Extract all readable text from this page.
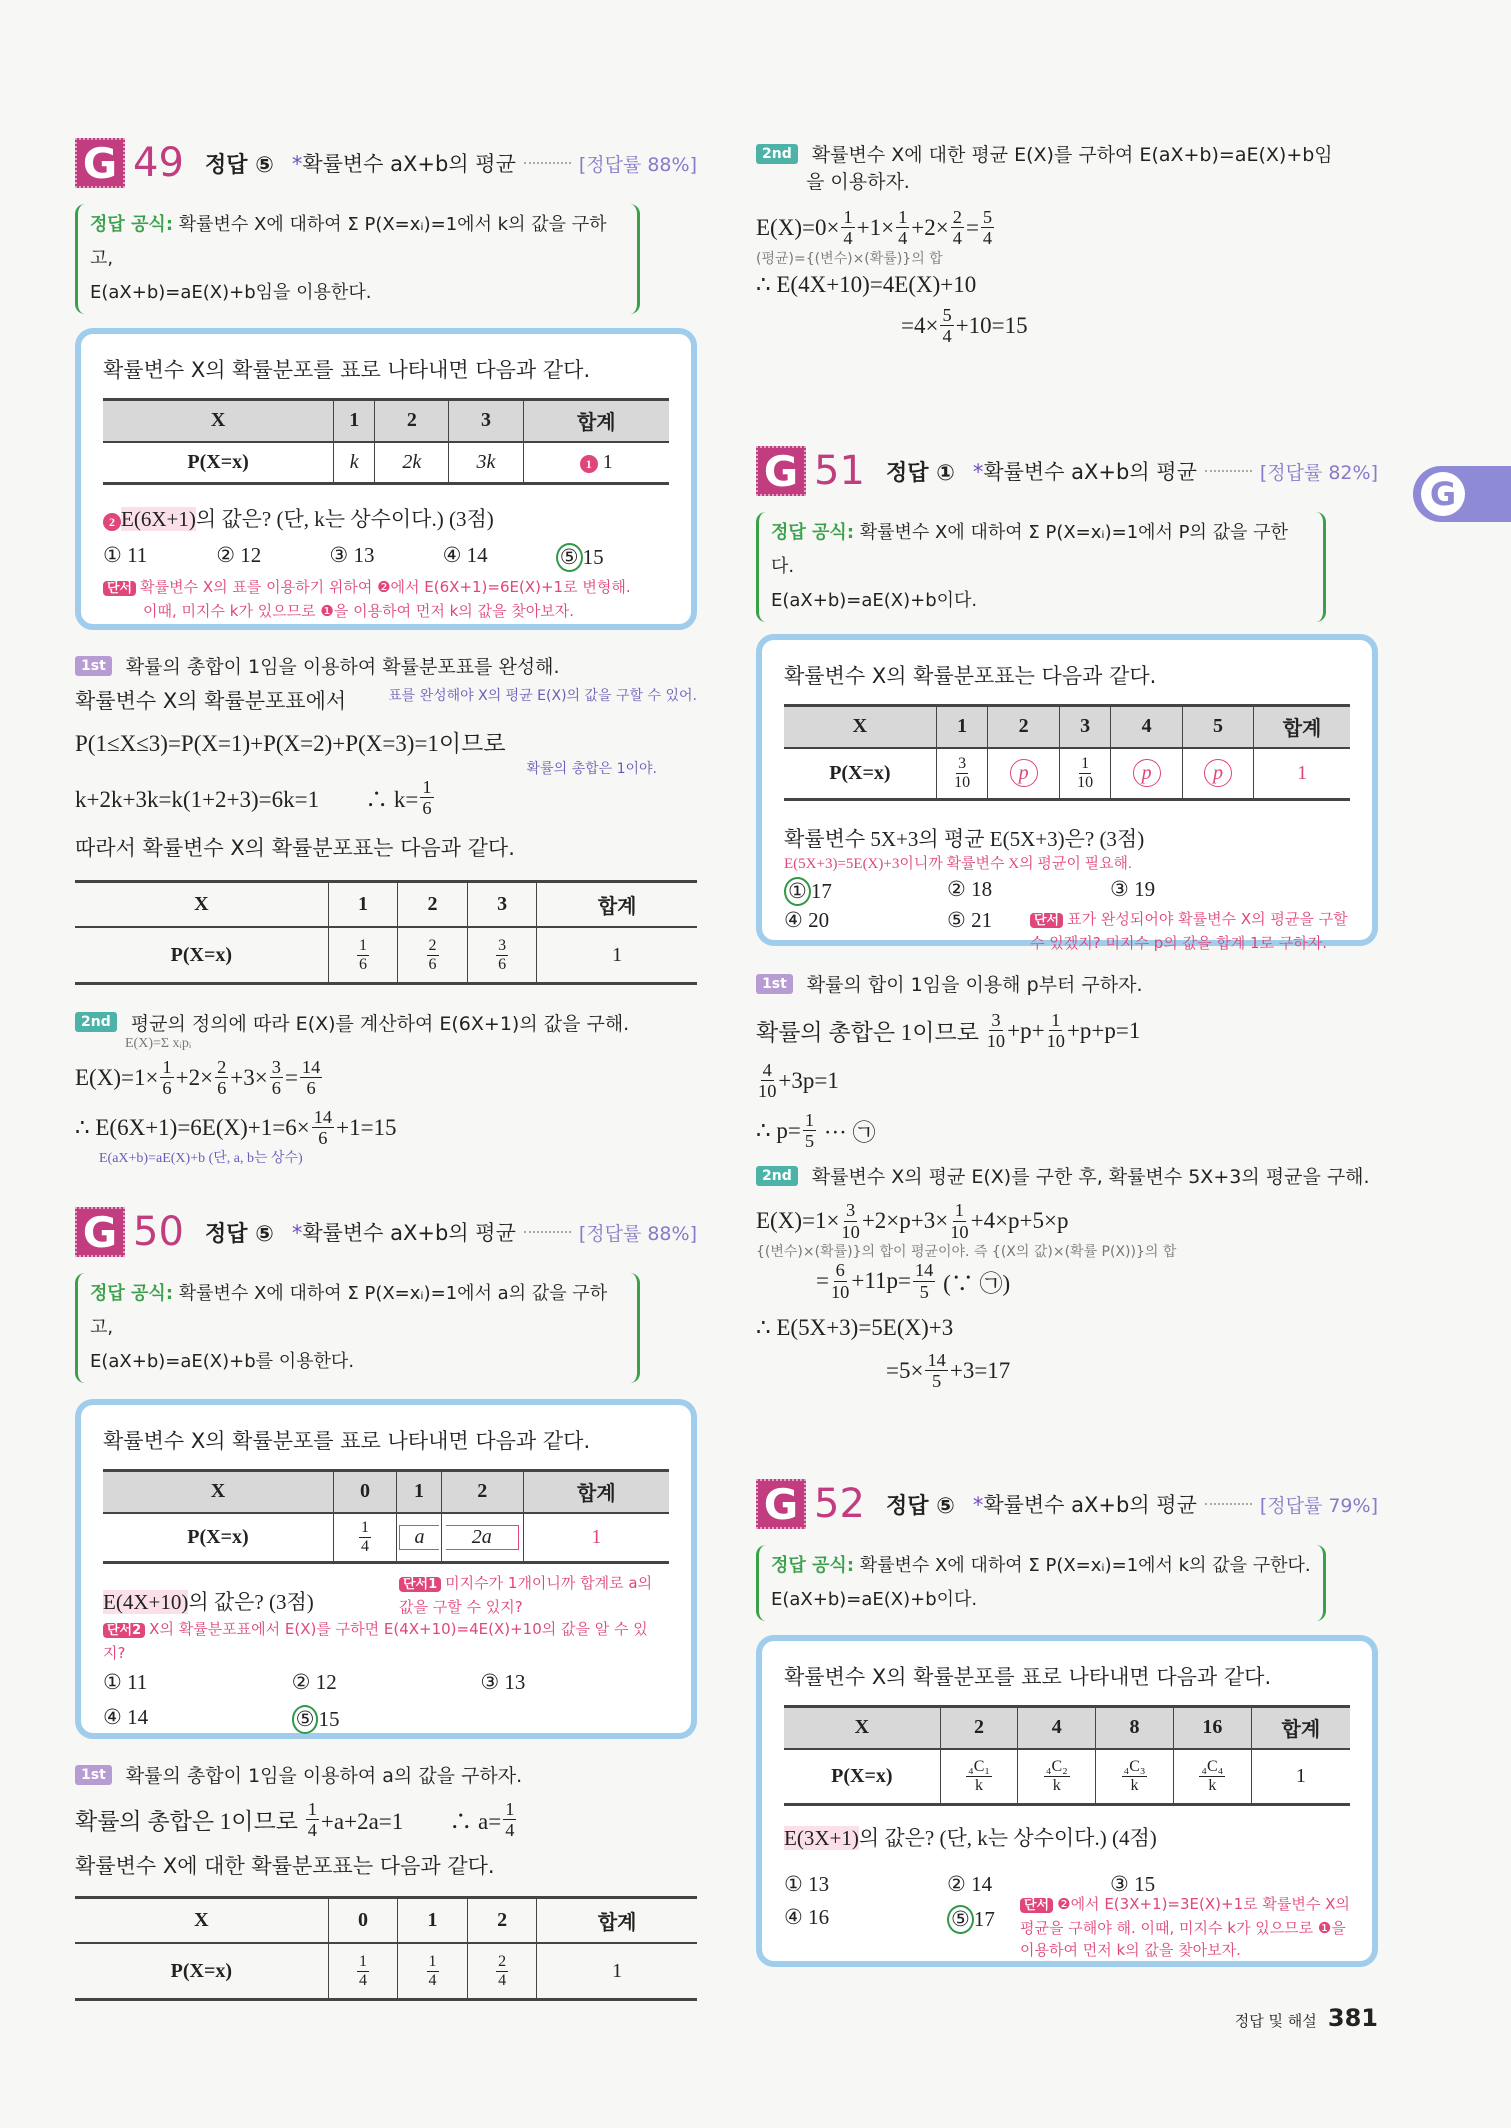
G
G 49 정답 ⑤ *확률변수 aX+b의 평균	[정답률 88%]
정답 공식: 확률변수 X에 대하여 Σ P(X=xᵢ)=1에서 k의 값을 구하고,
E(aX+b)=aE(X)+b임을 이용한다.
확률변수 X의 확률분포를 표로 나타내면 다음과 같다.
X	1	2	3	합계
P(X=x)	k	2k	3k	1 1
2 E(6X+1)의 값은? (단, k는 상수이다.) (3점)
① 11	② 12	③ 13	④ 14	⑤ 15
단서 확률변수 X의 표를 이용하기 위하여 ❷에서 E(6X+1)=6E(X)+1로 변형해.
이때, 미지수 k가 있으므로 ❶을 이용하여 먼저 k의 값을 찾아보자.
1st	확률의 총합이 1임을 이용하여 확률분포표를 완성해.
확률변수 X의 확률분포표에서	표를 완성해야 X의 평균 E(X)의 값을 구할 수 있어.
P(1≤X≤3)=P(X=1)+P(X=2)+P(X=3)=1이므로
확률의 총합은 1이야.
k+2k+3k=k(1+2+3)=6k=1　　∴ $k= \frac{1}{6}$
따라서 확률변수 X의 확률분포표는 다음과 같다.
X	1	2	3	합계
P(X=x)	$\frac{1}{6}$	$\frac{2}{6}$	$\frac{3}{6}$	1
2nd	평균의 정의에 따라 E(X)를 계산하여 E(6X+1)의 값을 구해.
E(X)=Σ xᵢpᵢ
$E(X)=1\times \frac{1}{6} +2\times \frac{2}{6} +3\times \frac{3}{6} = \frac{14}{6}$
∴ $E(6X+1)=6E(X)+1=6\times \frac{14}{6} +1=15$
E(aX+b)=aE(X)+b (단, a, b는 상수)
G 50 정답 ⑤ *확률변수 aX+b의 평균	[정답률 88%]
정답 공식: 확률변수 X에 대하여 Σ P(X=xᵢ)=1에서 a의 값을 구하고,
E(aX+b)=aE(X)+b를 이용한다.
확률변수 X의 확률분포를 표로 나타내면 다음과 같다.
X	0	1	2	합계
P(X=x)	$\frac{1}{4}$	a	2a	1
E(4X+10)의 값은? (3점)
단서1 미지수가 1개이니까 합계로 a의 값을 구할 수 있지?
단서2 X의 확률분포표에서 E(X)를 구하면 E(4X+10)=4E(X)+10의 값을 알 수 있지?
① 11	② 12	③ 13
④ 14	⑤ 15
1st	확률의 총합이 1임을 이용하여 a의 값을 구하자.
확률의 총합은 1이므로 $\frac{1}{4} +a+2a=1$　　∴ $a= \frac{1}{4}$
확률변수 X에 대한 확률분포표는 다음과 같다.
X	0	1	2	합계
P(X=x)	$\frac{1}{4}$	$\frac{1}{4}$	$\frac{2}{4}$	1
2nd	확률변수 X에 대한 평균 E(X)를 구하여 E(aX+b)=aE(X)+b임
을 이용하자.
$E(X)=0\times \frac{1}{4} +1\times \frac{1}{4} +2\times \frac{2}{4} = \frac{5}{4}$
(평균)={(변수)×(확률)}의 합
∴ E(4X+10)=4E(X)+10
$=4\times \frac{5}{4} +10=15$
G 51 정답 ① *확률변수 aX+b의 평균	[정답률 82%]
정답 공식: 확률변수 X에 대하여 Σ P(X=xᵢ)=1에서 P의 값을 구한다.
E(aX+b)=aE(X)+b이다.
확률변수 X의 확률분포표는 다음과 같다.
X	1	2	3	4	5	합계
P(X=x)	$\frac{3}{10}$	p	$\frac{1}{10}$	p	p	1
확률변수 5X+3의 평균 E(5X+3)은? (3점)
E(5X+3)=5E(X)+3이니까 확률변수 X의 평균이 필요해.
① 17	② 18	③ 19
④ 20	⑤ 21	단서 표가 완성되어야 확률변수 X의 평균을 구할 수 있겠지? 미지수 p의 값을 합계 1로 구하자.
1st	확률의 합이 1임을 이용해 p부터 구하자.
확률의 총합은 1이므로 $\frac{3}{10} +p+ \frac{1}{10} +p+p=1$
$\frac{4}{10} +3p=1$
∴ $p= \frac{1}{5}$ ··· ㉠
2nd	확률변수 X의 평균 E(X)를 구한 후, 확률변수 5X+3의 평균을 구해.
$E(X)=1\times \frac{3}{10} +2\times p+3\times \frac{1}{10} +4\times p+5\times p$
{(변수)×(확률)}의 합이 평균이야. 즉 {(X의 값)×(확률 P(X))}의 합
= $\frac{6}{10} +11p= \frac{14}{5}$ (∵ ㉠)
∴ E(5X+3)=5E(X)+3
$=5\times \frac{14}{5} +3=17$
G 52 정답 ⑤ *확률변수 aX+b의 평균	[정답률 79%]
정답 공식: 확률변수 X에 대하여 Σ P(X=xᵢ)=1에서 k의 값을 구한다.
E(aX+b)=aE(X)+b이다.
확률변수 X의 확률분포를 표로 나타내면 다음과 같다.
X	2	4	8	16	합계
P(X=x)	$\frac{\text{₄C₁}}{k}$	$\frac{\text{₄C₂}}{k}$	$\frac{\text{₄C₃}}{k}$	$\frac{\text{₄C₄}}{k}$	1
E(3X+1)의 값은? (단, k는 상수이다.) (4점)
① 13	② 14	③ 15
④ 16	⑤ 17
단서 ❷에서 E(3X+1)=3E(X)+1로 확률변수 X의 평균을 구해야 해. 이때, 미지수 k가 있으므로 ❶을 이용하여 먼저 k의 값을 찾아보자.
정답 및 해설 381
